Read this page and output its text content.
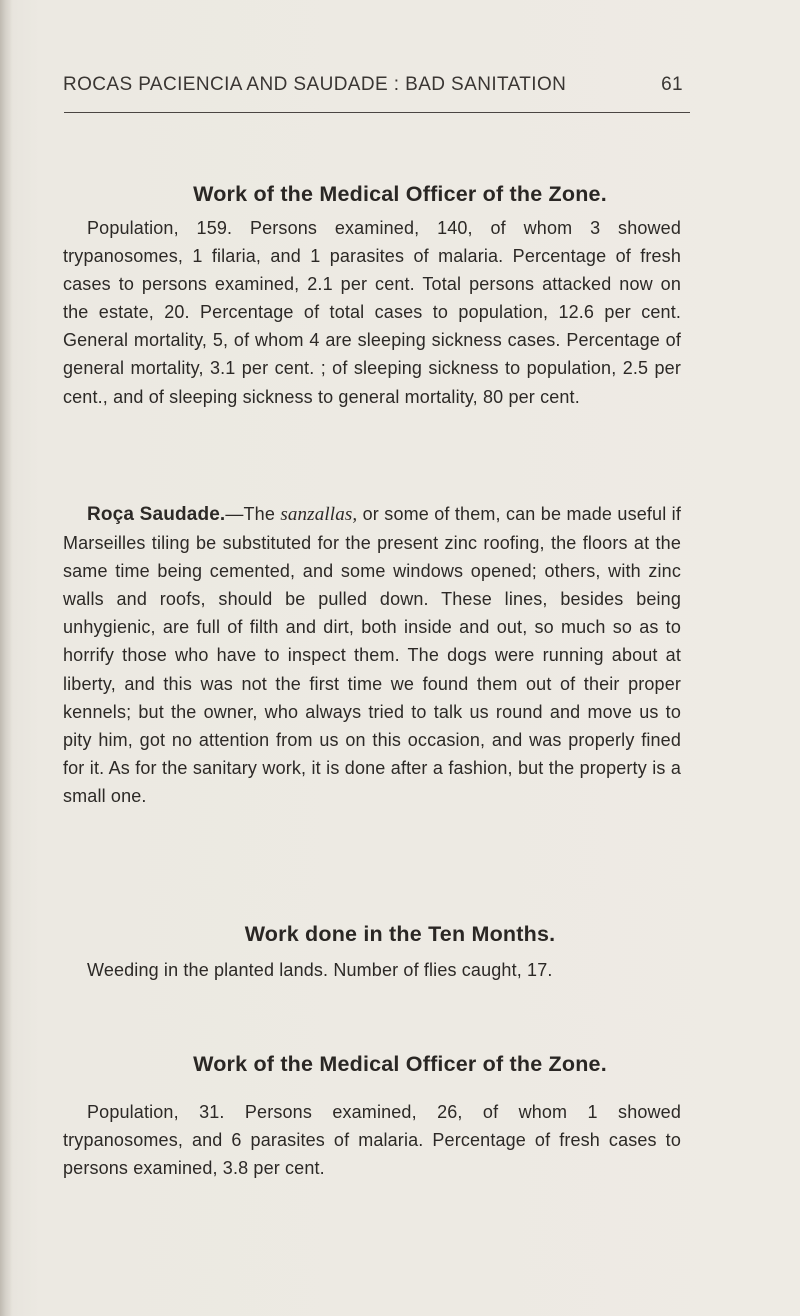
ROCAS PACIENCIA AND SAUDADE : BAD SANITATION	61
Work of the Medical Officer of the Zone.

Population, 159. Persons examined, 140, of whom 3 showed trypanosomes, 1 filaria, and 1 parasites of malaria. Percentage of fresh cases to persons examined, 2.1 per cent. Total persons attacked now on the estate, 20. Percentage of total cases to population, 12.6 per cent. General mortality, 5, of whom 4 are sleeping sickness cases. Percentage of general mortality, 3.1 per cent. ; of sleeping sickness to population, 2.5 per cent., and of sleeping sickness to general mortality, 80 per cent.

Roça Saudade.—The sanzallas, or some of them, can be made useful if Marseilles tiling be substituted for the present zinc roofing, the floors at the same time being cemented, and some windows opened; others, with zinc walls and roofs, should be pulled down. These lines, besides being unhygienic, are full of filth and dirt, both inside and out, so much so as to horrify those who have to inspect them. The dogs were running about at liberty, and this was not the first time we found them out of their proper kennels; but the owner, who always tried to talk us round and move us to pity him, got no attention from us on this occasion, and was properly fined for it. As for the sanitary work, it is done after a fashion, but the property is a small one.

Work done in the Ten Months.

Weeding in the planted lands. Number of flies caught, 17.

Work of the Medical Officer of the Zone.

Population, 31. Persons examined, 26, of whom 1 showed trypanosomes, and 6 parasites of malaria. Percentage of fresh cases to persons examined, 3.8 per cent.
